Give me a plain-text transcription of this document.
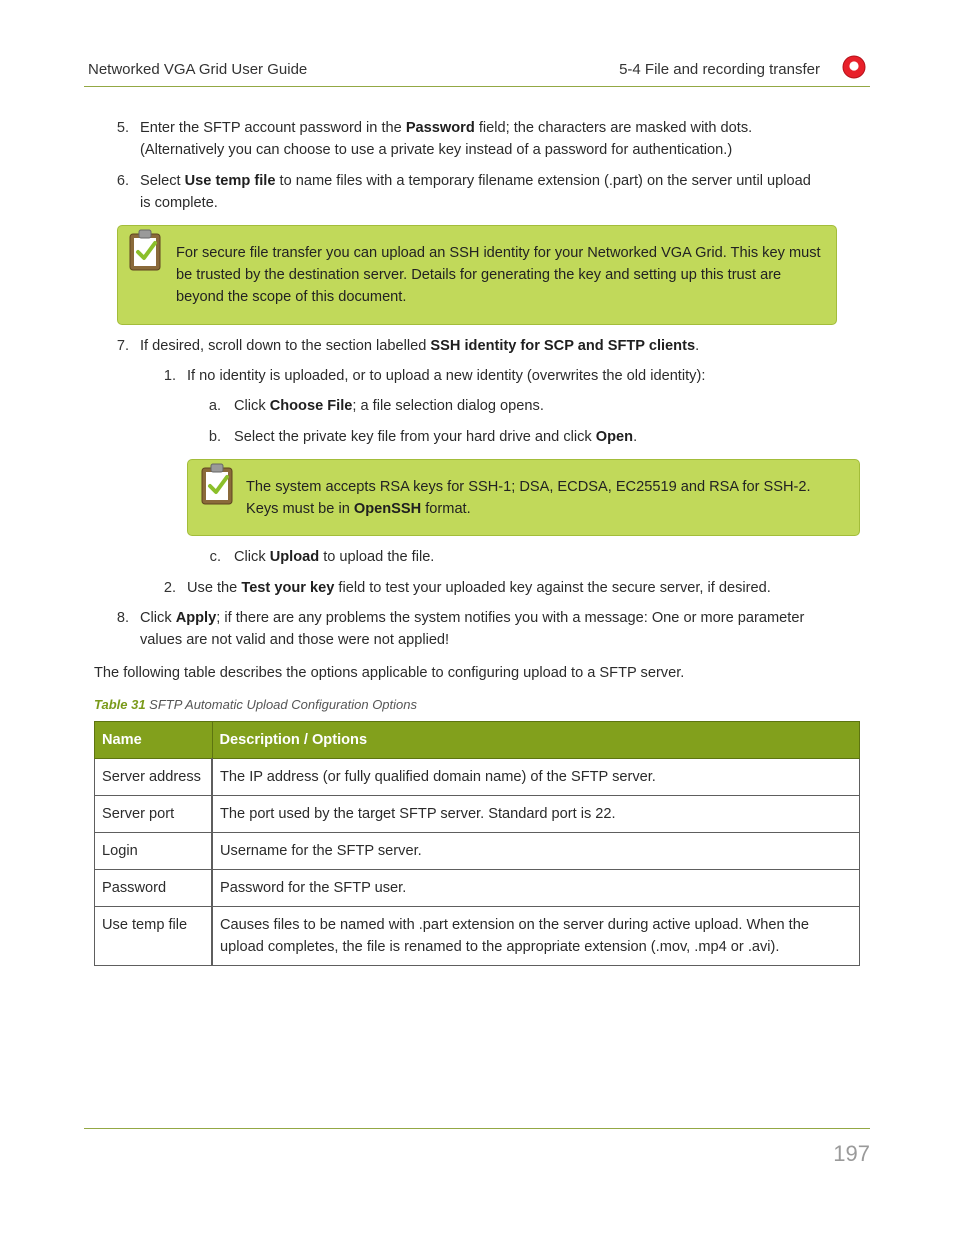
Networked VGA Grid User Guide	5-4 File and recording transfer
5. Enter the SFTP account password in the Password field; the characters are masked with dots.
(Alternatively you can choose to use a private key instead of a password for authentication.)
6. Select Use temp file to name files with a temporary filename extension (.part) on the server until upload
is complete.
For secure file transfer you can upload an SSH identity for your Networked VGA Grid. This key must be trusted by the destination server. Details for generating the key and setting up this trust are beyond the scope of this document.
7. If desired, scroll down to the section labelled SSH identity for SCP and SFTP clients.
1. If no identity is uploaded, or to upload a new identity (overwrites the old identity):
a. Click Choose File; a file selection dialog opens.
b. Select the private key file from your hard drive and click Open.
The system accepts RSA keys for SSH-1; DSA, ECDSA, EC25519 and RSA for SSH-2.
Keys must be in OpenSSH format.
c. Click Upload to upload the file.
2. Use the Test your key field to test your uploaded key against the secure server, if desired.
8. Click Apply; if there are any problems the system notifies you with a message: One or more parameter
values are not valid and those were not applied!
The following table describes the options applicable to configuring upload to a SFTP server.
Table 31 SFTP Automatic Upload Configuration Options
Name	Description / Options
Server address	The IP address (or fully qualified domain name) of the SFTP server.
Server port	The port used by the target SFTP server. Standard port is 22.
Login	Username for the SFTP server.
Password	Password for the SFTP user.
Use temp file	Causes files to be named with .part extension on the server during active upload. When the upload completes, the file is renamed to the appropriate extension (.mov, .mp4 or .avi).
197
